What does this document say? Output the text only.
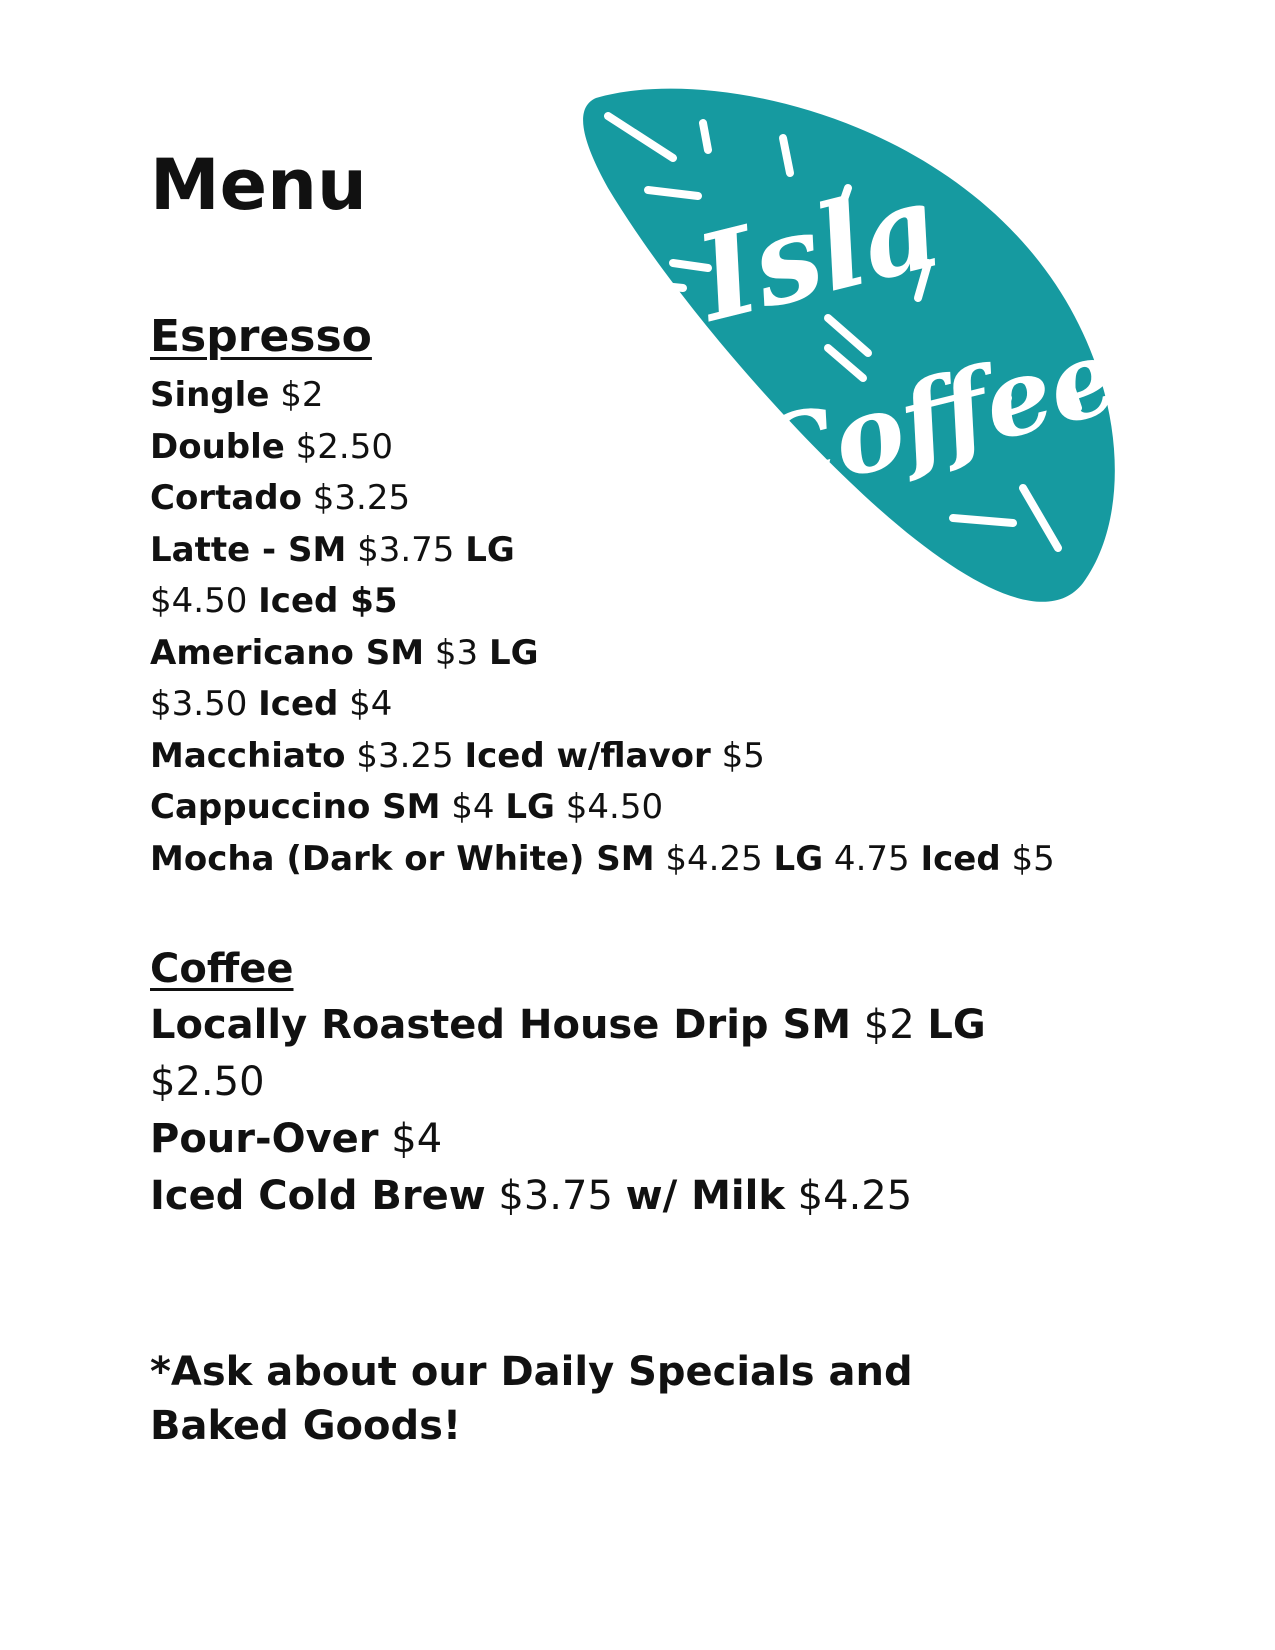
Isla
Coffee
Menu
Espresso
Single $2
Double $2.50
Cortado $3.25
Latte - SM $3.75 LG
$4.50 Iced $5
Americano SM $3 LG
$3.50 Iced $4
Macchiato $3.25 Iced w/flavor $5
Cappuccino SM $4 LG $4.50
Mocha (Dark or White) SM $4.25 LG 4.75 Iced $5
Coffee
Locally Roasted House Drip SM $2 LG
$2.50
Pour-Over $4
Iced Cold Brew $3.75 w/ Milk $4.25

*Ask about our Daily Specials and Baked Goods!
